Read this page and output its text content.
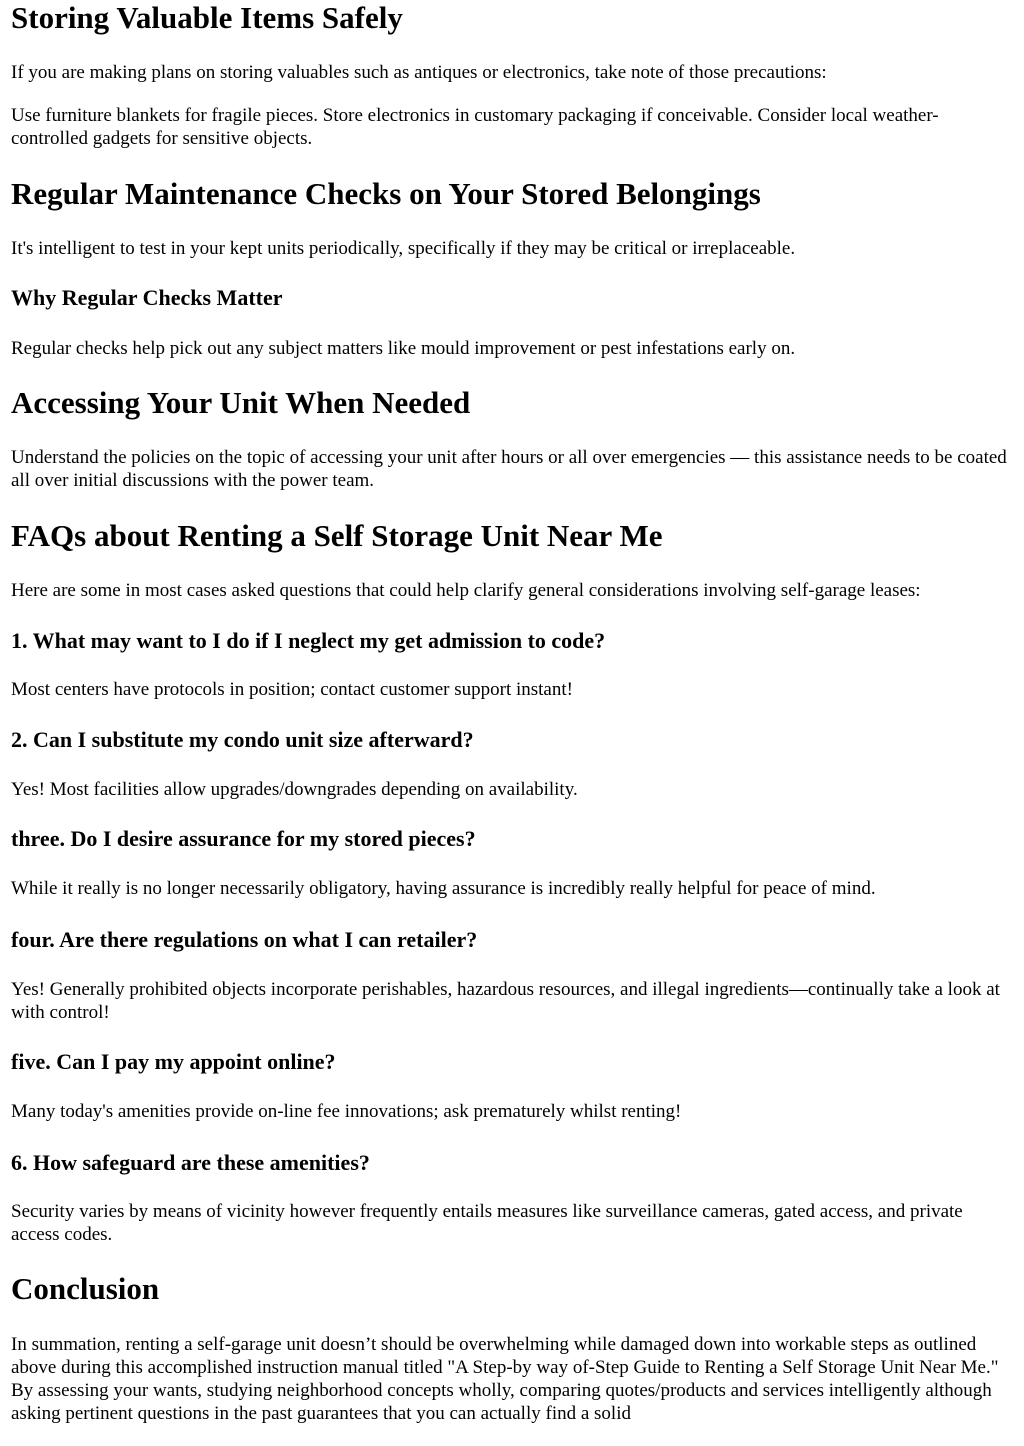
Storing Valuable Items Safely

If you are making plans on storing valuables such as antiques or electronics, take note of those precautions:

Use furniture blankets for fragile pieces. Store electronics in customary packaging if conceivable. Consider local weather-controlled gadgets for sensitive objects.

Regular Maintenance Checks on Your Stored Belongings

It's intelligent to test in your kept units periodically, specifically if they may be critical or irreplaceable.

Why Regular Checks Matter

Regular checks help pick out any subject matters like mould improvement or pest infestations early on.

Accessing Your Unit When Needed

Understand the policies on the topic of accessing your unit after hours or all over emergencies — this assistance needs to be coated all over initial discussions with the power team.

FAQs about Renting a Self Storage Unit Near Me

Here are some in most cases asked questions that could help clarify general considerations involving self-garage leases:

1. What may want to I do if I neglect my get admission to code?

Most centers have protocols in position; contact customer support instant!

2. Can I substitute my condo unit size afterward?

Yes! Most facilities allow upgrades/downgrades depending on availability.

three. Do I desire assurance for my stored pieces?

While it really is no longer necessarily obligatory, having assurance is incredibly really helpful for peace of mind.

four. Are there regulations on what I can retailer?

Yes! Generally prohibited objects incorporate perishables, hazardous resources, and illegal ingredients—continually take a look at with control!

five. Can I pay my appoint online?

Many today's amenities provide on-line fee innovations; ask prematurely whilst renting!

6. How safeguard are these amenities?

Security varies by means of vicinity however frequently entails measures like surveillance cameras, gated access, and private access codes.

Conclusion

In summation, renting a self-garage unit doesn’t should be overwhelming while damaged down into workable steps as outlined above during this accomplished instruction manual titled "A Step-by way of-Step Guide to Renting a Self Storage Unit Near Me." By assessing your wants, studying neighborhood concepts wholly, comparing quotes/products and services intelligently although asking pertinent questions in the past guarantees that you can actually find a solid
